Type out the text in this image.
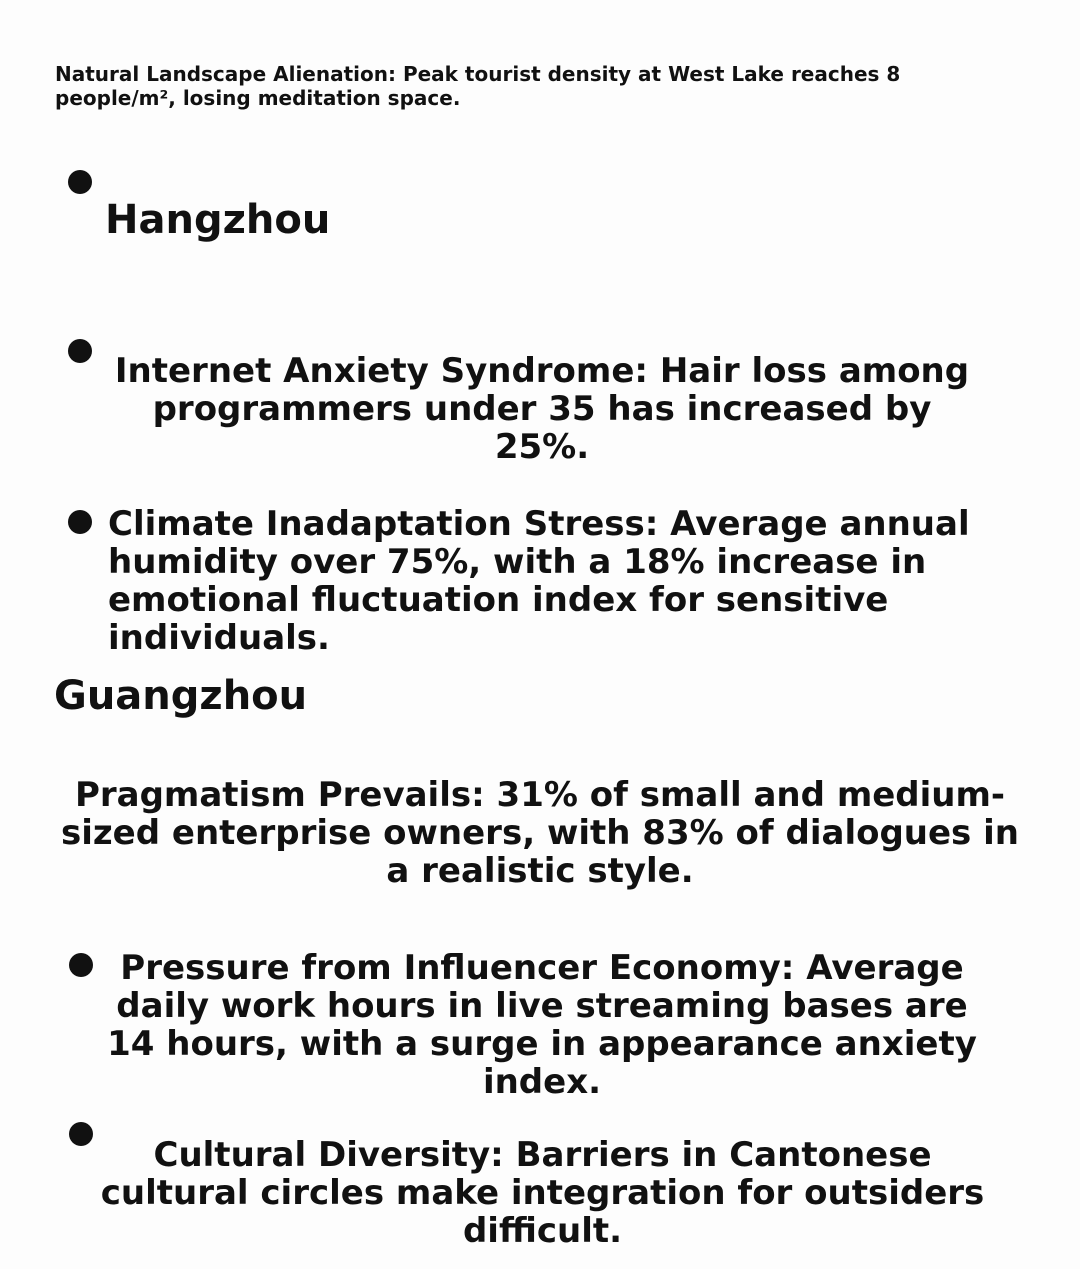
Natural Landscape Alienation: Peak tourist density at West Lake reaches 8 people/m², losing meditation space.
Hangzhou
Internet Anxiety Syndrome: Hair loss among programmers under 35 has increased by 25%.
Climate Inadaptation Stress: Average annual humidity over 75%, with a 18% increase in emotional fluctuation index for sensitive individuals.
Guangzhou
Pragmatism Prevails: 31% of small and medium-sized enterprise owners, with 83% of dialogues in a realistic style.
Pressure from Influencer Economy: Average daily work hours in live streaming bases are 14 hours, with a surge in appearance anxiety index.
Cultural Diversity: Barriers in Cantonese cultural circles make integration for outsiders difficult.
